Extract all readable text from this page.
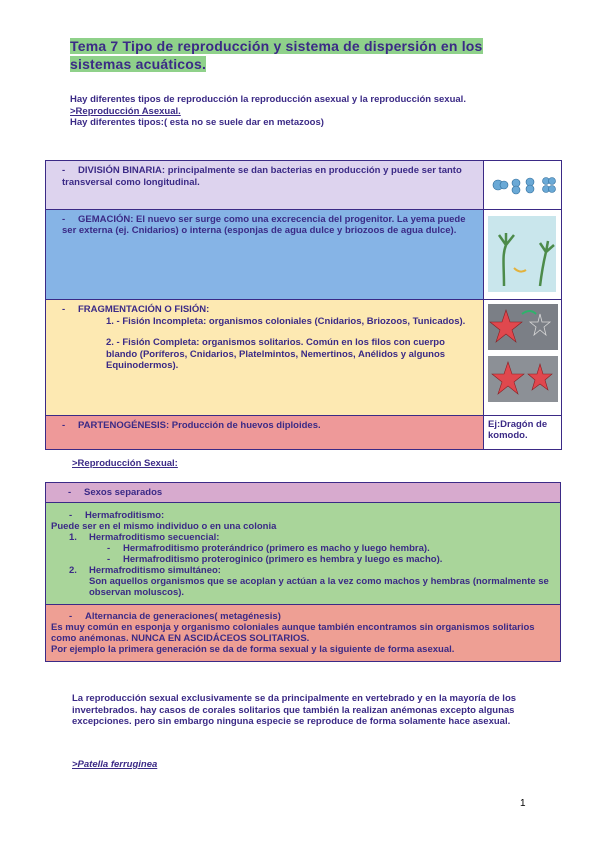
Tema 7 Tipo de reproducción y sistema de dispersión en los sistemas acuáticos.
Hay diferentes tipos de reproducción la reproducción asexual y la reproducción sexual.
>Reproducción Asexual.
Hay diferentes tipos:( esta no se suele dar en metazoos)
- DIVISIÓN BINARIA: principalmente se dan bacterias en producción y puede ser tanto transversal como longitudinal.	
- GEMACIÓN: El nuevo ser surge como una excrecencia del progenitor. La yema puede ser externa (ej. Cnidarios) o interna (esponjas de agua dulce y briozoos de agua dulce).	

- FRAGMENTACIÓN O FISIÓN:
1. - Fisión Incompleta: organismos coloniales (Cnidarios, Briozoos, Tunicados).
2. - Fisión Completa: organismos solitarios. Común en los filos con cuerpo blando (Poríferos, Cnidarios, Platelmintos, Nemertinos, Anélidos y algunos Equinodermos).

- PARTENOGÉNESIS: Producción de huevos diploides.	Ej:Dragón de komodo.
>Reproducción Sexual:
- Sexos separados

- Hermafroditismo:
Puede ser en el mismo individuo o en una colonia
1. Hermafroditismo secuencial:
- Hermafroditismo proterándrico (primero es macho y luego hembra).
- Hermafroditismo proteroginico (primero es hembra y luego es macho).
2. Hermafroditismo simultáneo:
Son aquellos organismos que se acoplan y actúan a la vez como machos y hembras (normalmente se observan moluscos).

- Alternancia de generaciones( metagénesis)
Es muy común en esponja y organismo coloniales aunque también encontramos sin organismos solitarios como anémonas. NUNCA EN ASCIDÁCEOS SOLITARIOS.
Por ejemplo la primera generación se da de forma sexual y la siguiente de forma asexual.
La reproducción sexual exclusivamente se da principalmente en vertebrado y en la mayoría de los invertebrados. hay casos de corales solitarios que también la realizan anémonas excepto algunas excepciones. pero sin embargo ninguna especie se reproduce de forma solamente hace asexual.
>Patella ferruginea
1
